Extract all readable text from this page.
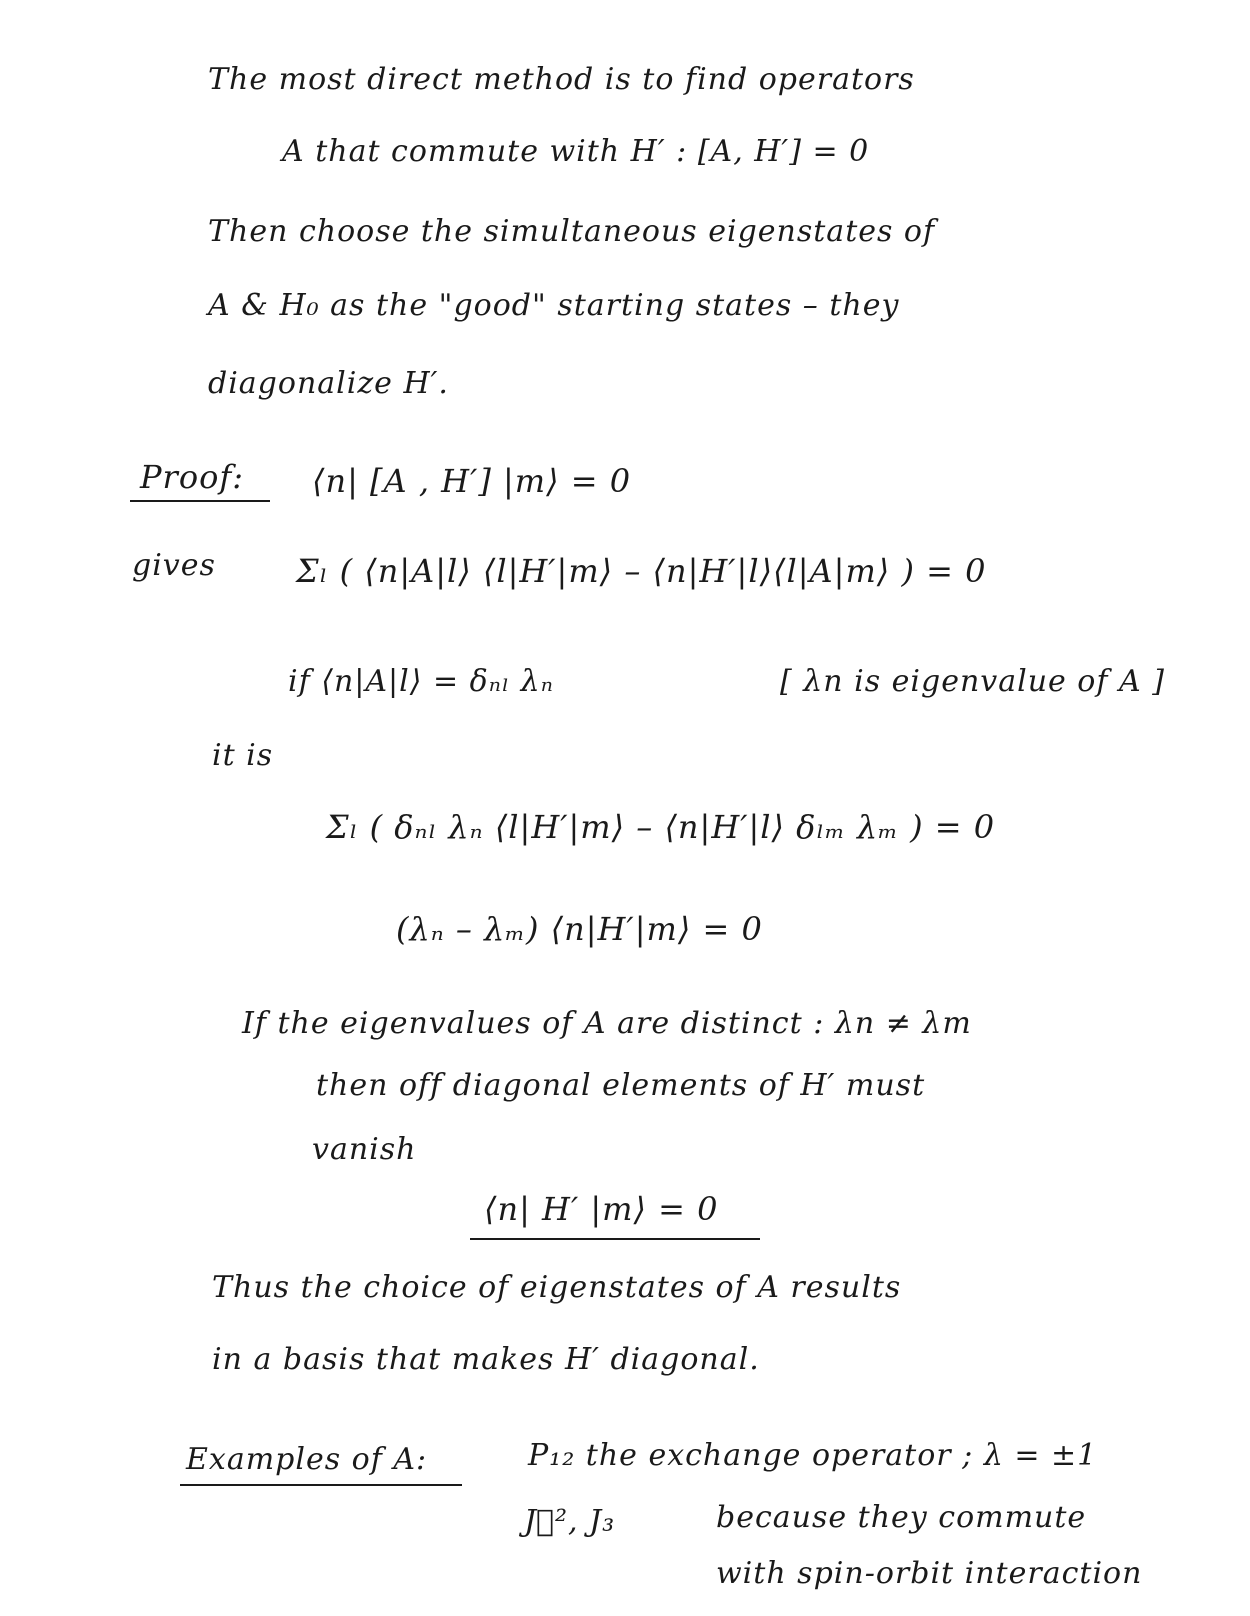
The most direct method is to find operators
A that commute with H′ : [A, H′] = 0
Then choose the simultaneous eigenstates of
A & H₀ as the "good" starting states – they
diagonalize H′.
Proof: ⟨n| [A , H′] |m⟩ = 0
gives	Σₗ ( ⟨n|A|l⟩ ⟨l|H′|m⟩ – ⟨n|H′|l⟩⟨l|A|m⟩ ) = 0
if ⟨n|A|l⟩ = δₙₗ λₙ	[ λn is eigenvalue of A ]
it is
Σₗ ( δₙₗ λₙ ⟨l|H′|m⟩ – ⟨n|H′|l⟩ δₗₘ λₘ ) = 0
(λₙ – λₘ) ⟨n|H′|m⟩ = 0
If the eigenvalues of A are distinct : λn ≠ λm
then off diagonal elements of H′ must
vanish
⟨n| H′ |m⟩ = 0
Thus the choice of eigenstates of A results
in a basis that makes H′ diagonal.
Examples of A:	P₁₂ the exchange operator ; λ = ±1
J⃗², J₃	because they commute
with spin-orbit interaction
